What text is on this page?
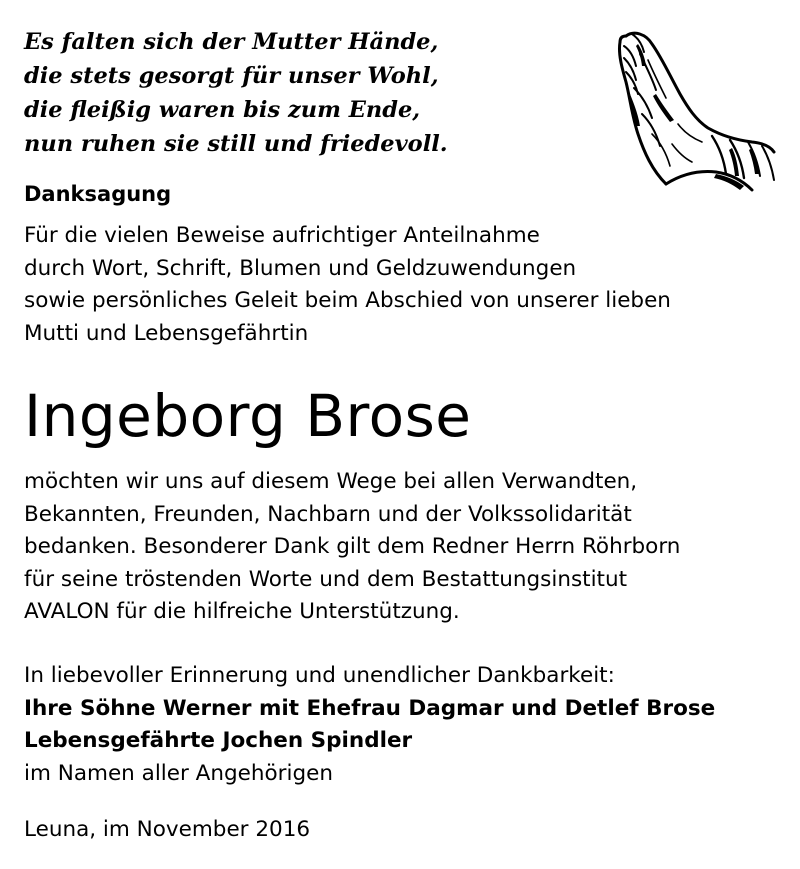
Es falten sich der Mutter Hände,
die stets gesorgt für unser Wohl,
die fleißig waren bis zum Ende,
nun ruhen sie still und friedevoll.
Danksagung
Für die vielen Beweise aufrichtiger Anteilnahme
durch Wort, Schrift, Blumen und Geldzuwendungen
sowie persönliches Geleit beim Abschied von unserer lieben
Mutti und Lebensgefährtin
Ingeborg Brose
möchten wir uns auf diesem Wege bei allen Verwandten,
Bekannten, Freunden, Nachbarn und der Volkssolidarität
bedanken. Besonderer Dank gilt dem Redner Herrn Röhrborn
für seine tröstenden Worte und dem Bestattungsinstitut
AVALON für die hilfreiche Unterstützung.
In liebevoller Erinnerung und unendlicher Dankbarkeit:
Ihre Söhne Werner mit Ehefrau Dagmar und Detlef Brose
Lebensgefährte Jochen Spindler
im Namen aller Angehörigen
Leuna, im November 2016
